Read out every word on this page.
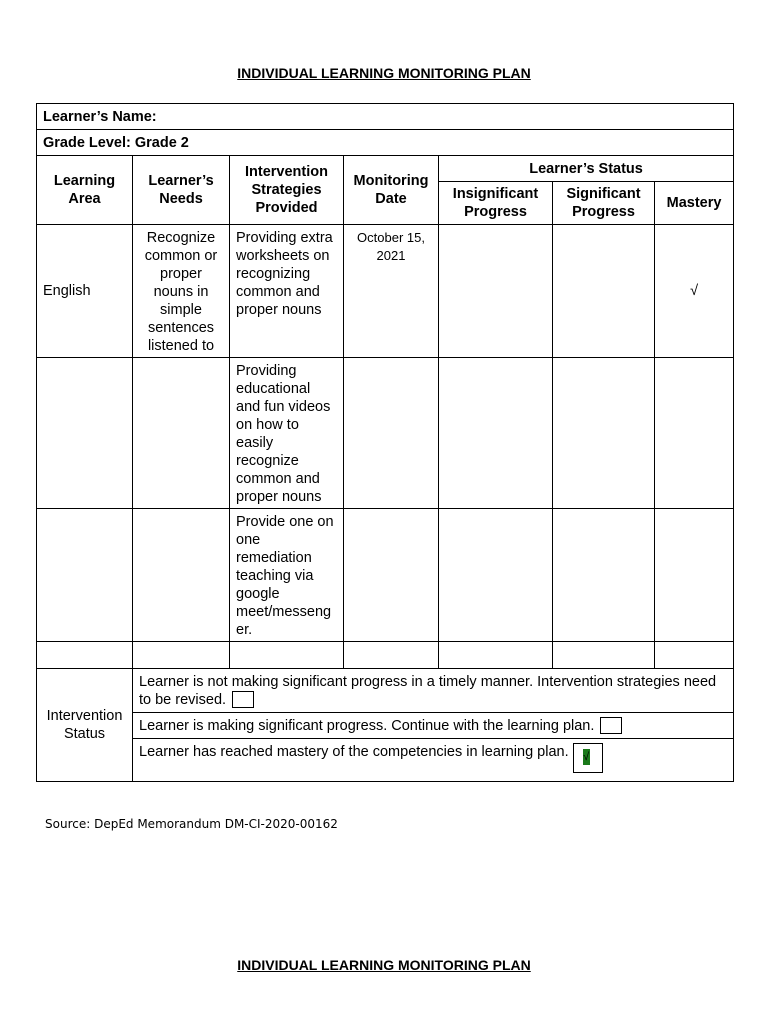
INDIVIDUAL LEARNING MONITORING PLAN
Learner’s Name:						
Grade Level: Grade 2						
Learning Area	Learner’s Needs	Intervention Strategies Provided	Monitoring Date	Learner’s Status		
				Insignificant Progress	Significant Progress	Mastery
English	Recognize common or proper nouns in simple sentences listened to	Providing extra worksheets on recognizing common and proper nouns	October 15, 2021			√
		Providing educational and fun videos on how to easily recognize common and proper nouns				
		Provide one on one remediation teaching via google meet/messeng er.				

Intervention Status	Learner is not making significant progress in a timely manner. Intervention strategies need to be revised.					
	Learner is making significant progress. Continue with the learning plan.					
	Learner has reached mastery of the competencies in learning plan. √					
Source: DepEd Memorandum DM-CI-2020-00162
INDIVIDUAL LEARNING MONITORING PLAN
